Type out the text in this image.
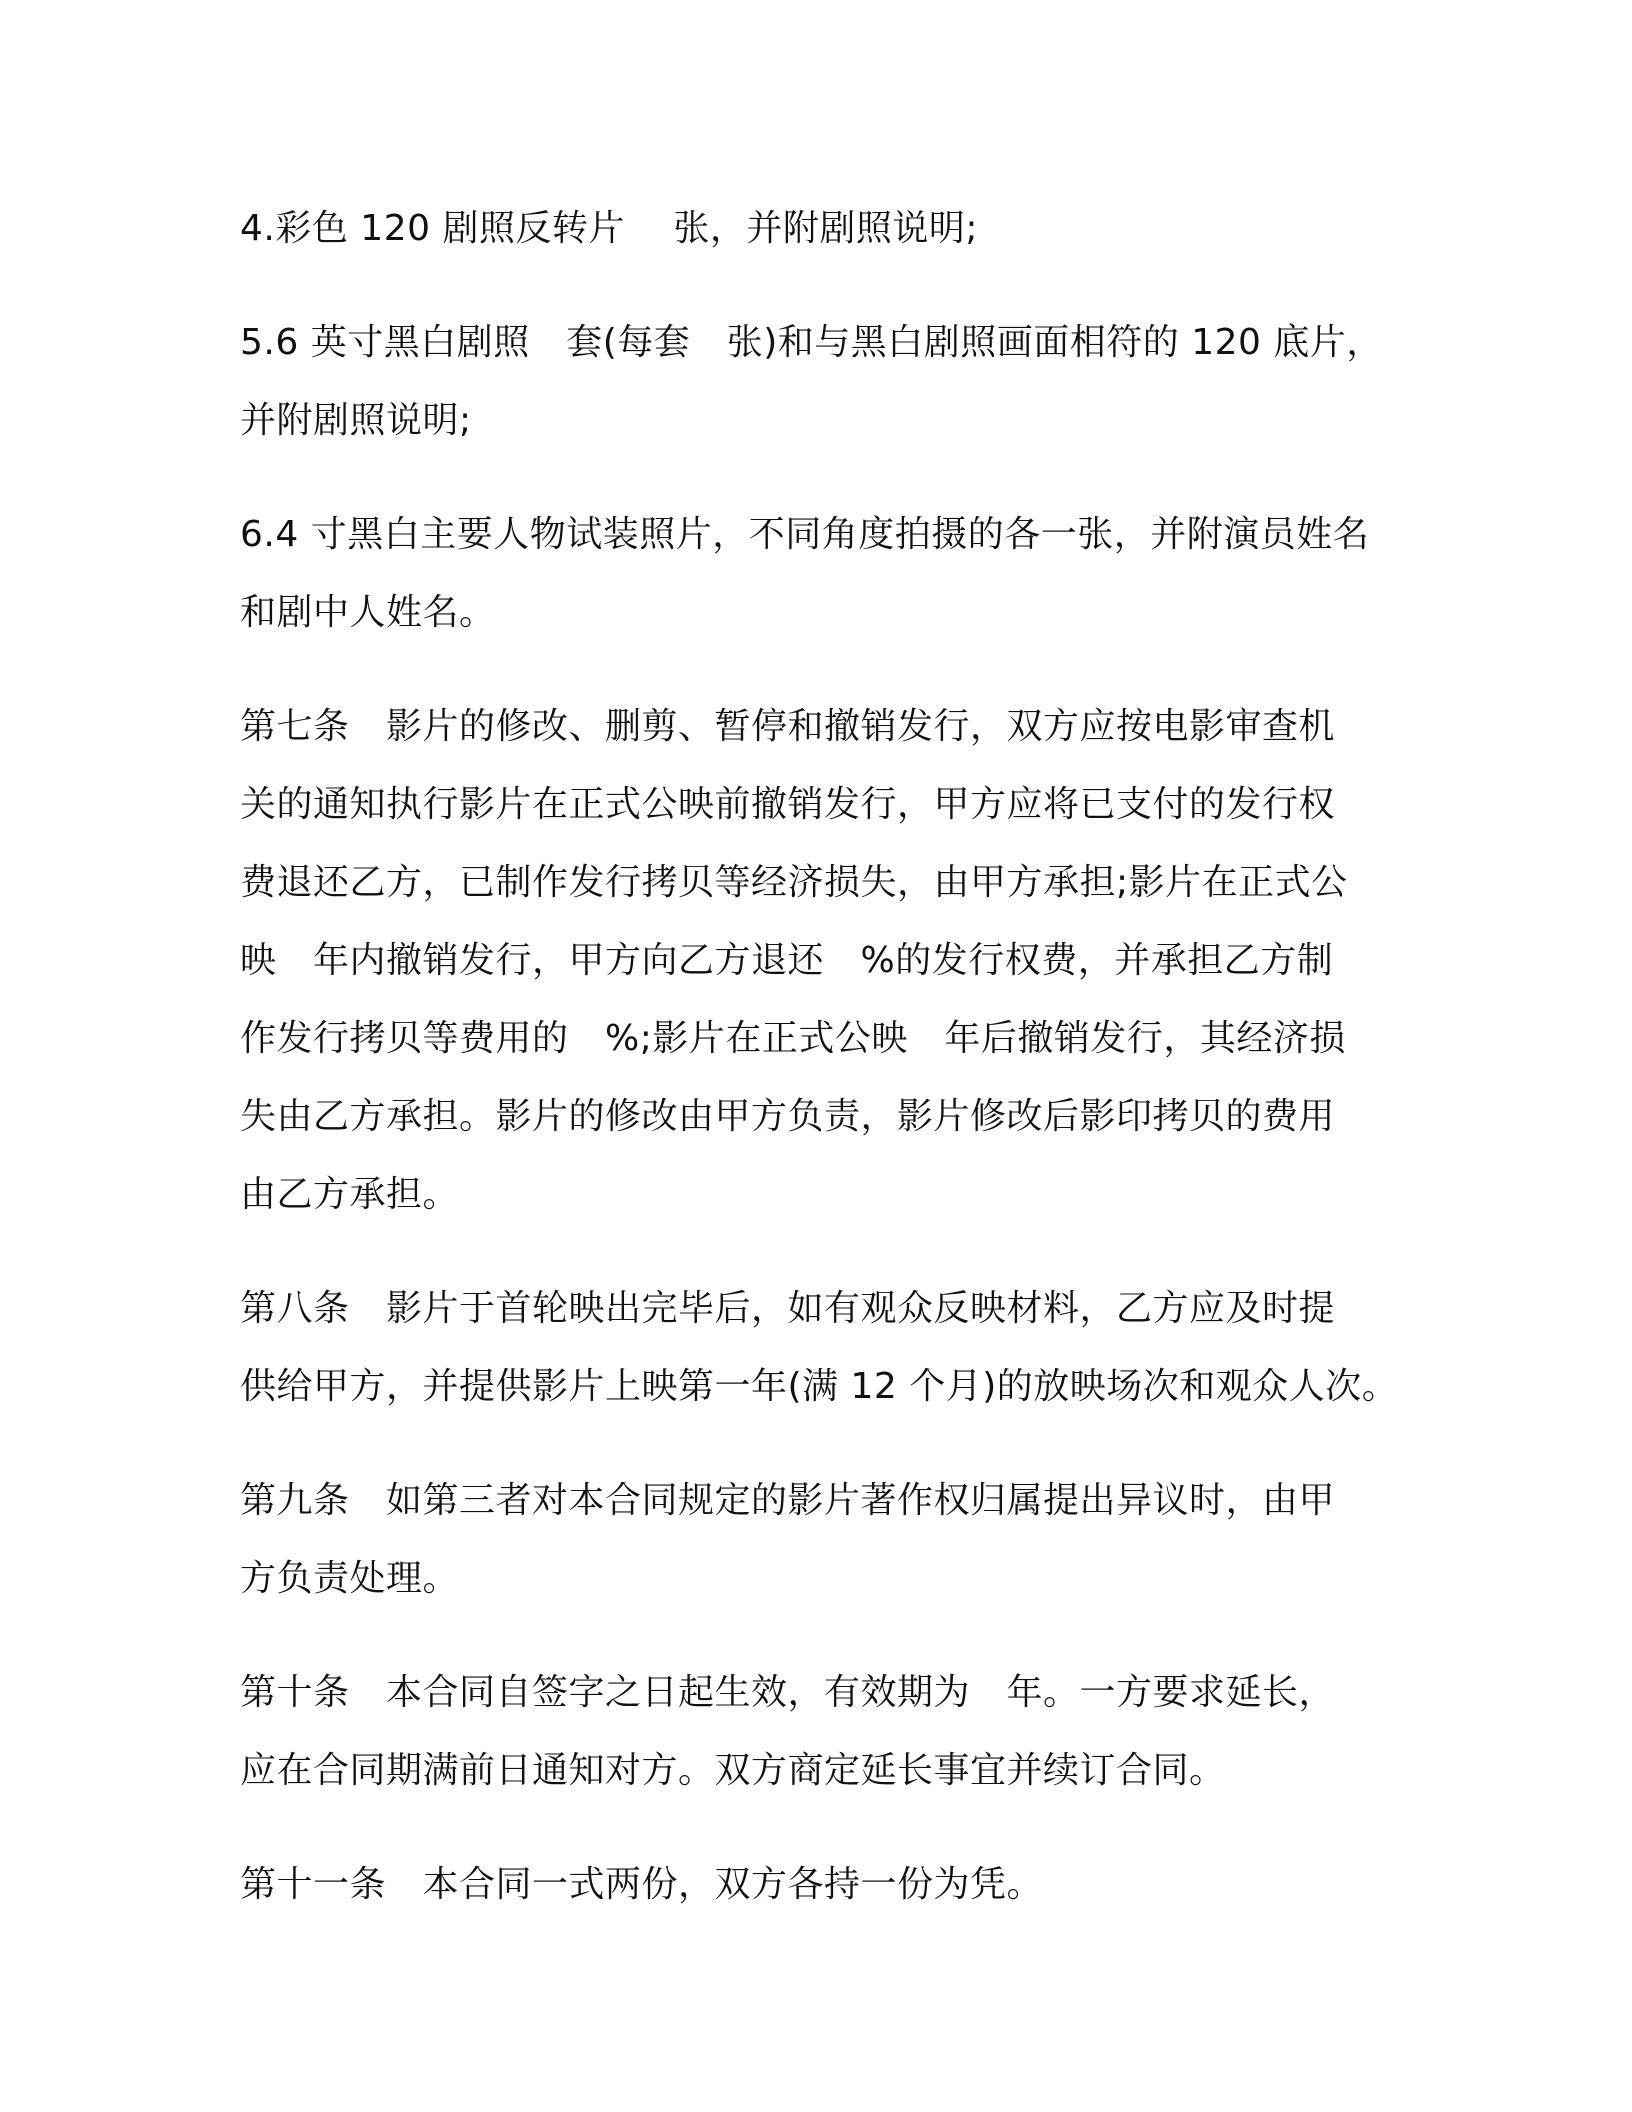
4.彩色 120 剧照反转片　 张，并附剧照说明;

5.6 英寸黑白剧照　套(每套　张)和与黑白剧照画面相符的 120 底片，
并附剧照说明;

6.4 寸黑白主要人物试装照片，不同角度拍摄的各一张，并附演员姓名
和剧中人姓名。

第七条　影片的修改、删剪、暂停和撤销发行，双方应按电影审查机
关的通知执行影片在正式公映前撤销发行，甲方应将已支付的发行权
费退还乙方，已制作发行拷贝等经济损失，由甲方承担;影片在正式公
映　年内撤销发行，甲方向乙方退还　%的发行权费，并承担乙方制
作发行拷贝等费用的　%;影片在正式公映　年后撤销发行，其经济损
失由乙方承担。影片的修改由甲方负责，影片修改后影印拷贝的费用
由乙方承担。

第八条　影片于首轮映出完毕后，如有观众反映材料，乙方应及时提
供给甲方，并提供影片上映第一年(满 12 个月)的放映场次和观众人次。

第九条　如第三者对本合同规定的影片著作权归属提出异议时，由甲
方负责处理。

第十条　本合同自签字之日起生效，有效期为　年。一方要求延长，
应在合同期满前日通知对方。双方商定延长事宜并续订合同。

第十一条　本合同一式两份，双方各持一份为凭。
